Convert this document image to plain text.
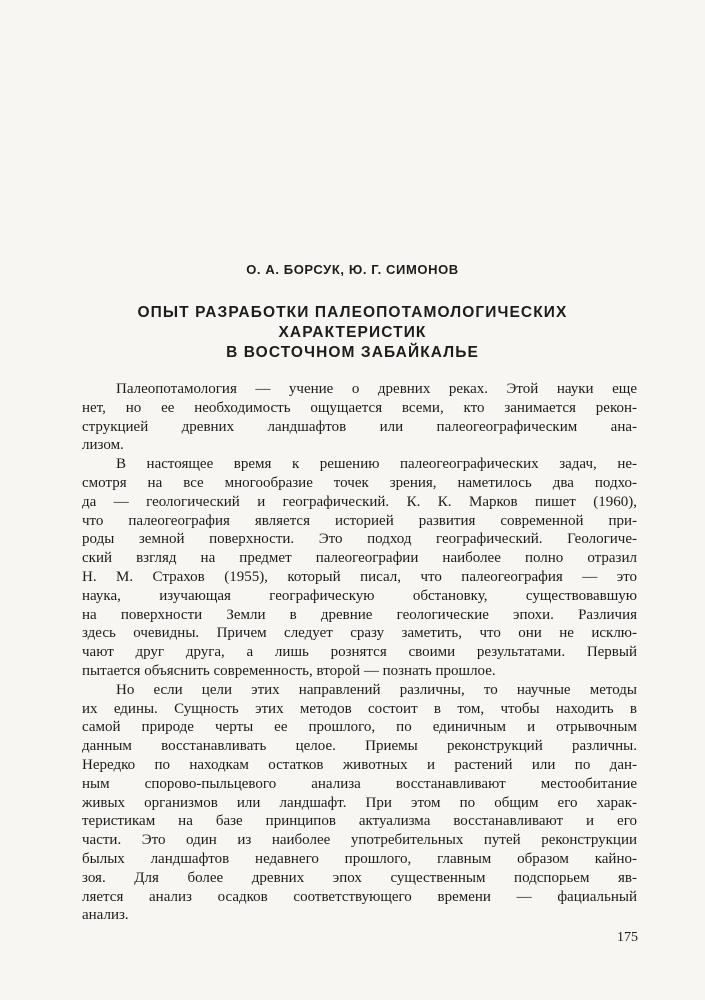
О. А. БОРСУК, Ю. Г. СИМОНОВ
ОПЫТ РАЗРАБОТКИ ПАЛЕОПОТАМОЛОГИЧЕСКИХ
ХАРАКТЕРИСТИК
В ВОСТОЧНОМ ЗАБАЙКАЛЬЕ
Палеопотамология — учение о древних реках. Этой науки еще
нет, но ее необходимость ощущается всеми, кто занимается рекон-
струкцией древних ландшафтов или палеогеографическим ана-
лизом.
В настоящее время к решению палеогеографических задач, не-
смотря на все многообразие точек зрения, наметилось два подхо-
да — геологический и географический. К. К. Марков пишет (1960),
что палеогеография является историей развития современной при-
роды земной поверхности. Это подход географический. Геологиче-
ский взгляд на предмет палеогеографии наиболее полно отразил
Н. М. Страхов (1955), который писал, что палеогеография — это
наука, изучающая географическую обстановку, существовавшую
на поверхности Земли в древние геологические эпохи. Различия
здесь очевидны. Причем следует сразу заметить, что они не исклю-
чают друг друга, а лишь рознятся своими результатами. Первый
пытается объяснить современность, второй — познать прошлое.
Но если цели этих направлений различны, то научные методы
их едины. Сущность этих методов состоит в том, чтобы находить в
самой природе черты ее прошлого, по единичным и отрывочным
данным восстанавливать целое. Приемы реконструкций различны.
Нередко по находкам остатков животных и растений или по дан-
ным спорово-пыльцевого анализа восстанавливают местообитание
живых организмов или ландшафт. При этом по общим его харак-
теристикам на базе принципов актуализма восстанавливают и его
части. Это один из наиболее употребительных путей реконструкции
былых ландшафтов недавнего прошлого, главным образом кайно-
зоя. Для более древних эпох существенным подспорьем яв-
ляется анализ осадков соответствующего времени — фациальный
анализ.
175
